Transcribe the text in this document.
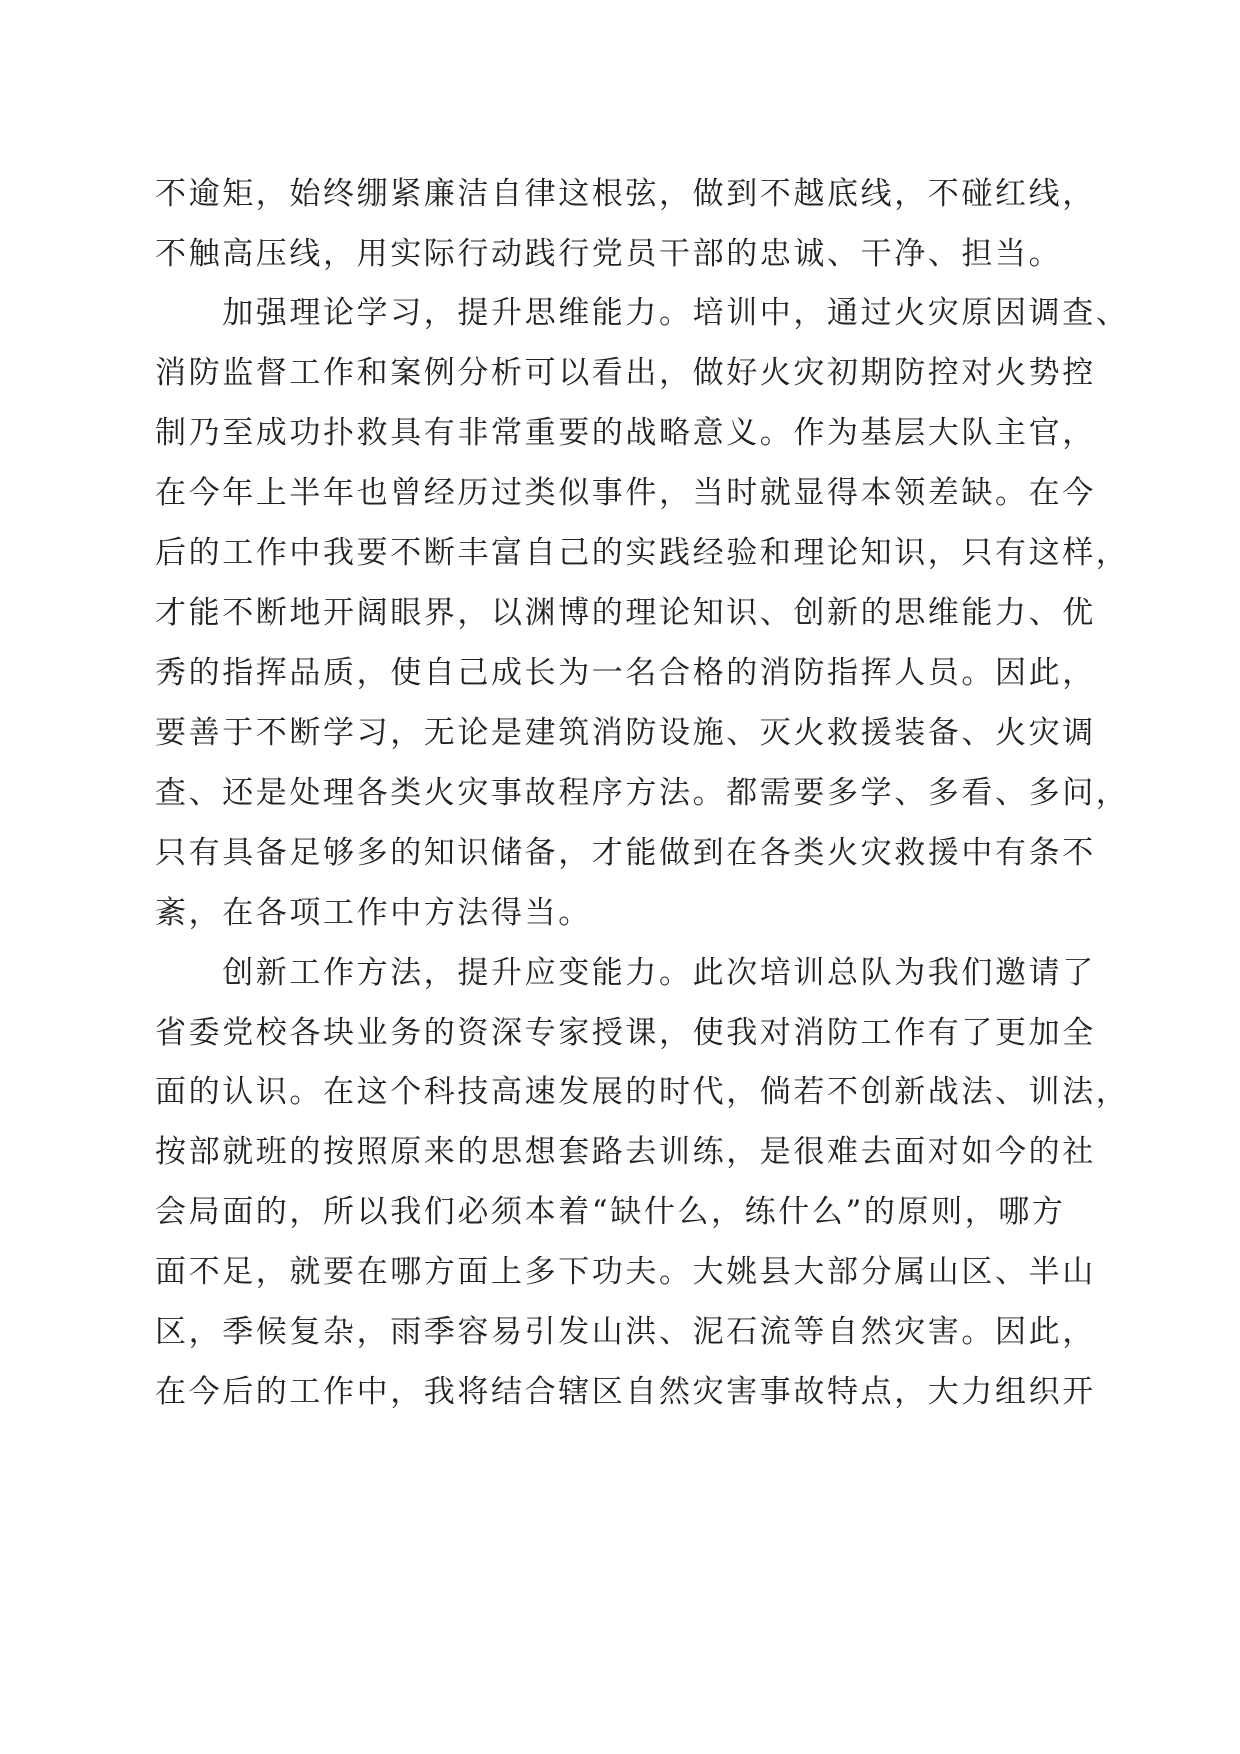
不逾矩，始终绷紧廉洁自律这根弦，做到不越底线，不碰红线，
不触高压线，用实际行动践行党员干部的忠诚、干净、担当。
　　加强理论学习，提升思维能力。培训中，通过火灾原因调查、
消防监督工作和案例分析可以看出，做好火灾初期防控对火势控
制乃至成功扑救具有非常重要的战略意义。作为基层大队主官，
在今年上半年也曾经历过类似事件，当时就显得本领差缺。在今
后的工作中我要不断丰富自己的实践经验和理论知识，只有这样，
才能不断地开阔眼界，以渊博的理论知识、创新的思维能力、优
秀的指挥品质，使自己成长为一名合格的消防指挥人员。因此，
要善于不断学习，无论是建筑消防设施、灭火救援装备、火灾调
查、还是处理各类火灾事故程序方法。都需要多学、多看、多问，
只有具备足够多的知识储备，才能做到在各类火灾救援中有条不
紊，在各项工作中方法得当。
　　创新工作方法，提升应变能力。此次培训总队为我们邀请了
省委党校各块业务的资深专家授课，使我对消防工作有了更加全
面的认识。在这个科技高速发展的时代，倘若不创新战法、训法，
按部就班的按照原来的思想套路去训练，是很难去面对如今的社
会局面的，所以我们必须本着“缺什么，练什么”的原则，哪方
面不足，就要在哪方面上多下功夫。大姚县大部分属山区、半山
区，季候复杂，雨季容易引发山洪、泥石流等自然灾害。因此，
在今后的工作中，我将结合辖区自然灾害事故特点，大力组织开
